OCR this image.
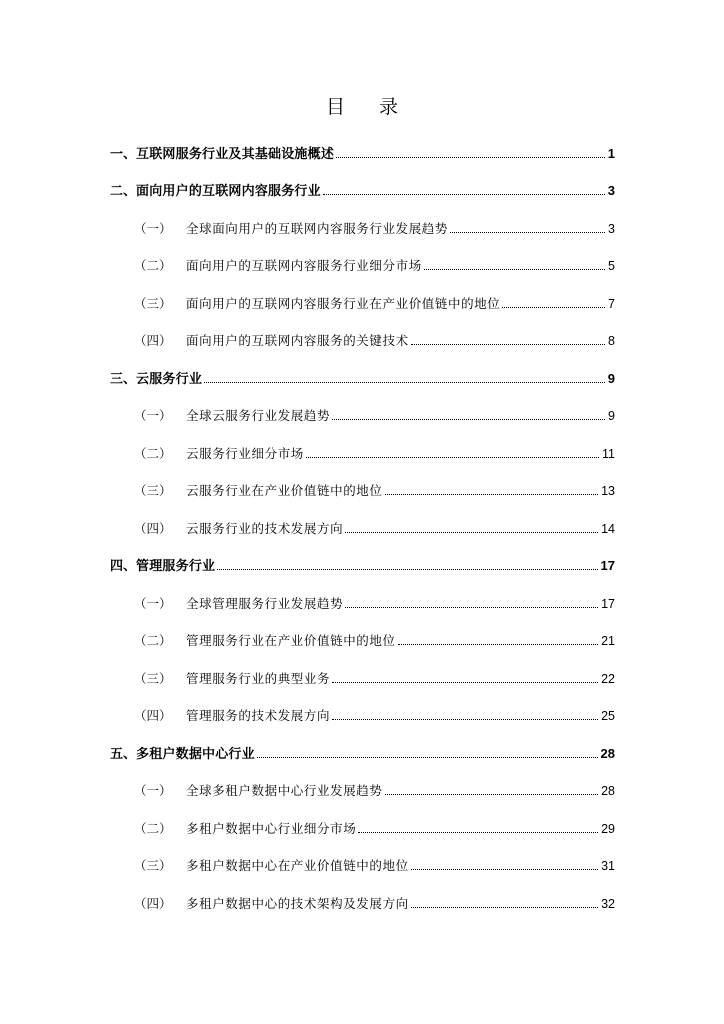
目 录
一、 互联网服务行业及其基础设施概述	1
二、 面向用户的互联网内容服务行业	3
（一）	全球面向用户的互联网内容服务行业发展趋势	3
（二）	面向用户的互联网内容服务行业细分市场	5
（三）	面向用户的互联网内容服务行业在产业价值链中的地位	7
（四）	面向用户的互联网内容服务的关键技术	8
三、 云服务行业	9
（一）	全球云服务行业发展趋势	9
（二）	云服务行业细分市场	11
（三）	云服务行业在产业价值链中的地位	13
（四）	云服务行业的技术发展方向	14
四、 管理服务行业	17
（一）	全球管理服务行业发展趋势	17
（二）	管理服务行业在产业价值链中的地位	21
（三）	管理服务行业的典型业务	22
（四）	管理服务的技术发展方向	25
五、 多租户数据中心行业	28
（一）	全球多租户数据中心行业发展趋势	28
（二）	多租户数据中心行业细分市场	29
（三）	多租户数据中心在产业价值链中的地位	31
（四）	多租户数据中心的技术架构及发展方向	32
